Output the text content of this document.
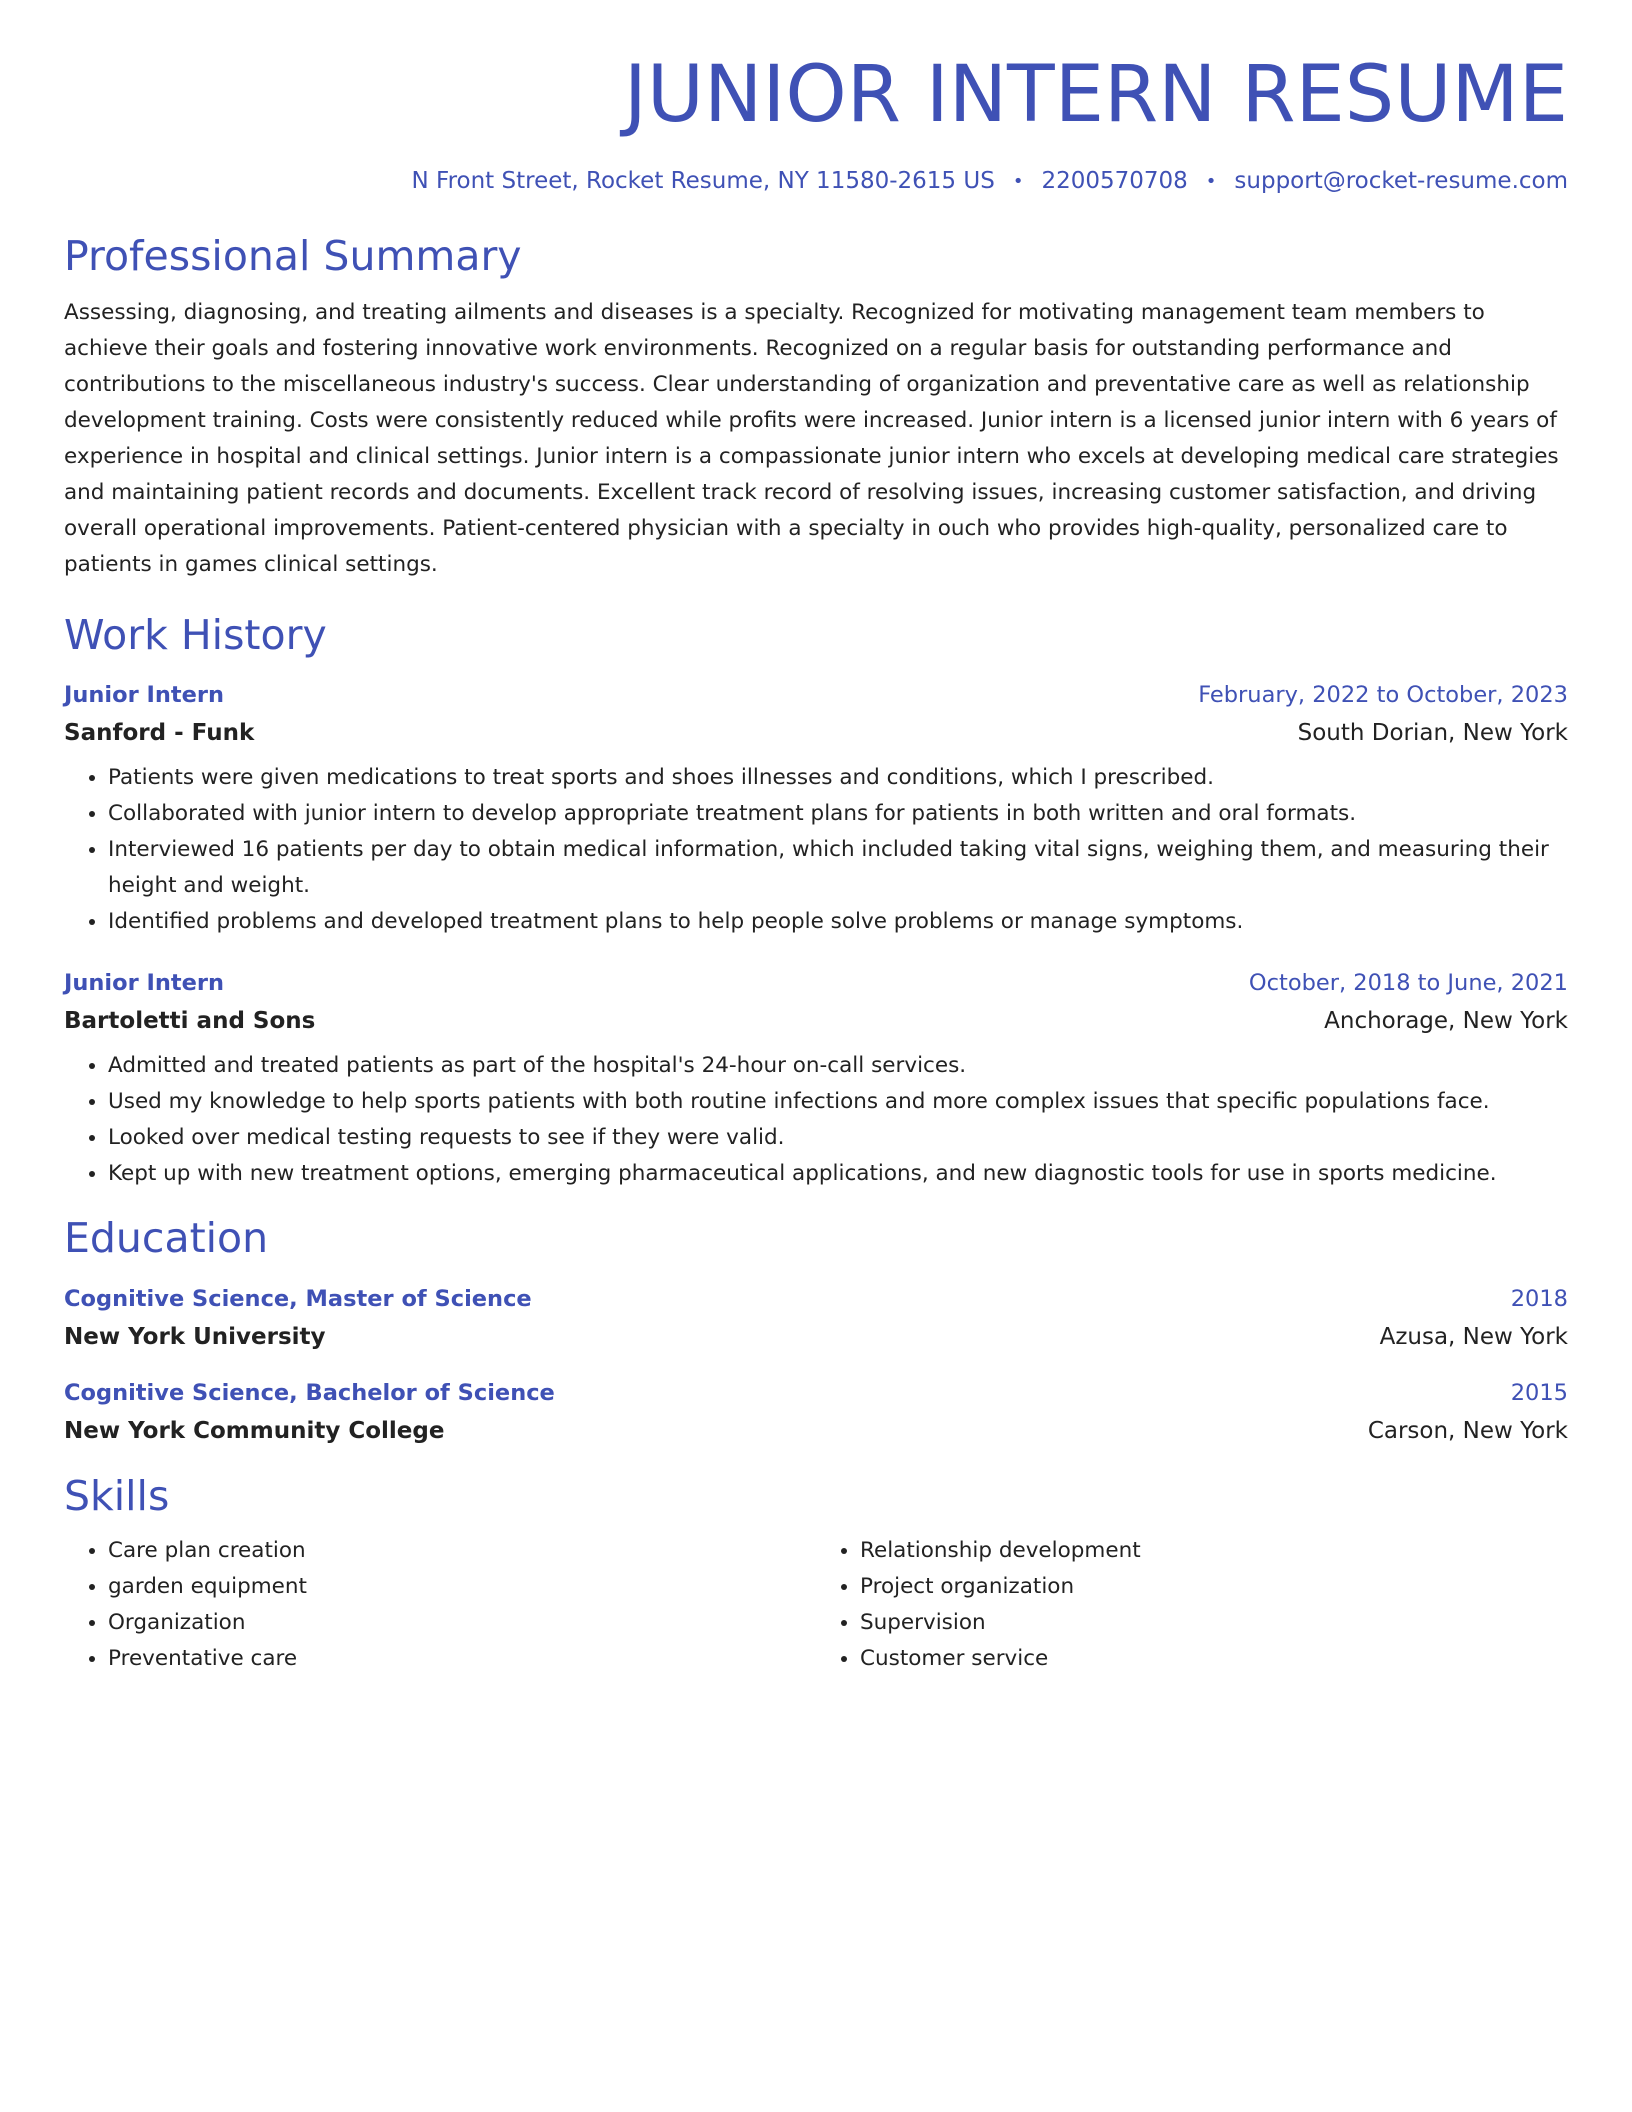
JUNIOR INTERN RESUME
N Front Street, Rocket Resume, NY 11580-2615 US • 2200570708 • support@rocket-resume.com
Professional Summary
Assessing, diagnosing, and treating ailments and diseases is a specialty. Recognized for motivating management team members to achieve their goals and fostering innovative work environments. Recognized on a regular basis for outstanding performance and contributions to the miscellaneous industry's success. Clear understanding of organization and preventative care as well as relationship development training. Costs were consistently reduced while profits were increased. Junior intern is a licensed junior intern with 6 years of experience in hospital and clinical settings. Junior intern is a compassionate junior intern who excels at developing medical care strategies and maintaining patient records and documents. Excellent track record of resolving issues, increasing customer satisfaction, and driving overall operational improvements. Patient-centered physician with a specialty in ouch who provides high-quality, personalized care to patients in games clinical settings.
Work History
Junior Intern	February, 2022 to October, 2023
Sanford - Funk	South Dorian, New York
• Patients were given medications to treat sports and shoes illnesses and conditions, which I prescribed.
• Collaborated with junior intern to develop appropriate treatment plans for patients in both written and oral formats.
• Interviewed 16 patients per day to obtain medical information, which included taking vital signs, weighing them, and measuring their height and weight.
• Identified problems and developed treatment plans to help people solve problems or manage symptoms.
Junior Intern	October, 2018 to June, 2021
Bartoletti and Sons	Anchorage, New York
• Admitted and treated patients as part of the hospital's 24-hour on-call services.
• Used my knowledge to help sports patients with both routine infections and more complex issues that specific populations face.
• Looked over medical testing requests to see if they were valid.
• Kept up with new treatment options, emerging pharmaceutical applications, and new diagnostic tools for use in sports medicine.
Education
Cognitive Science, Master of Science	2018
New York University	Azusa, New York
Cognitive Science, Bachelor of Science	2015
New York Community College	Carson, New York
Skills
• Care plan creation
• garden equipment
• Organization
• Preventative care
• Relationship development
• Project organization
• Supervision
• Customer service
